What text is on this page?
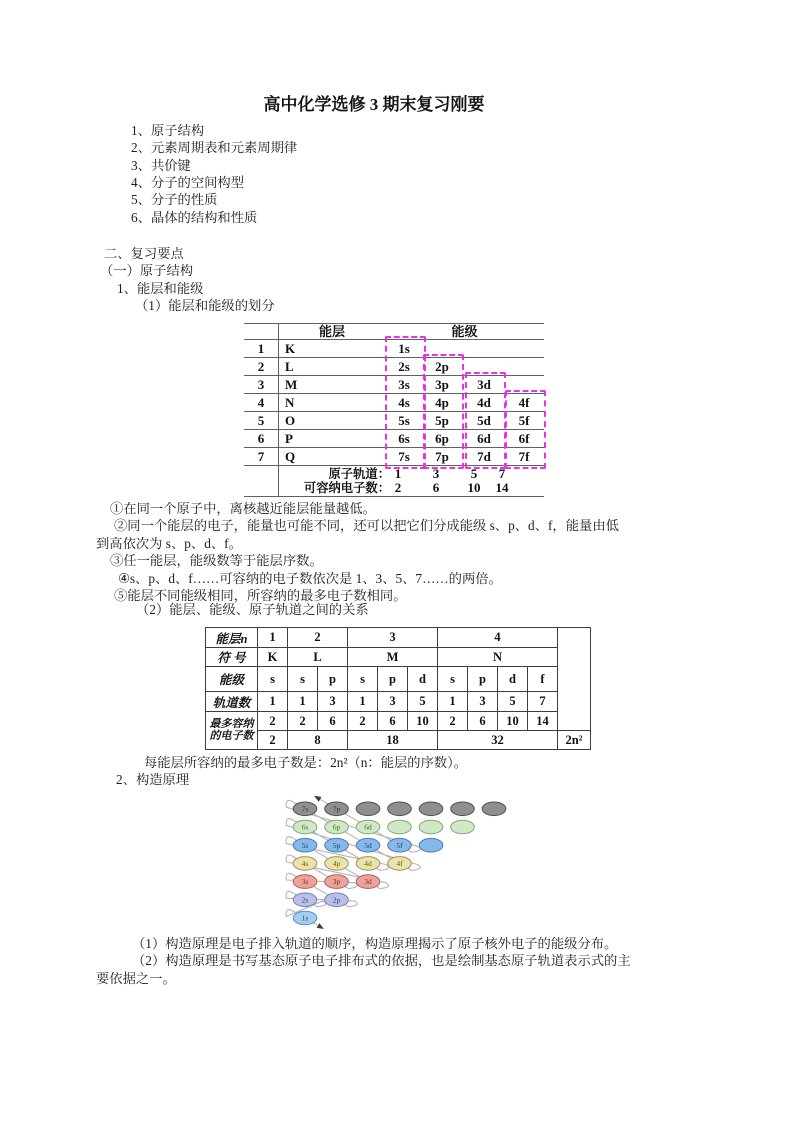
高中化学选修 3 期末复习刚要
1、原子结构
2、元素周期表和元素周期律
3、共价键
4、分子的空间构型
5、分子的性质
6、晶体的结构和性质
二、复习要点
（一）原子结构
1、能层和能级
（1）能层和能级的划分
能层	能级
1	K	1s
2	L	2s	2p
3	M	3s	3p	3d
4	N	4s	4p	4d	4f
5	O	5s	5p	5d	5f
6	P	6s	6p	6d	6f
7	Q	7s	7p	7d	7f
原子轨道： 1	3	5	7
可容纳电子数： 2	6	10	14
①在同一个原子中，离核越近能层能量越低。
②同一个能层的电子，能量也可能不同，还可以把它们分成能级 s、p、d、f，能量由低
到高依次为 s、p、d、f。
③任一能层，能级数等于能层序数。
④s、p、d、f……可容纳的电子数依次是 1、3、5、7……的两倍。
⑤能层不同能级相同，所容纳的最多电子数相同。
（2）能层、能级、原子轨道之间的关系
能层n	1	2		3			4				
符 号	K	L		M			N				
能级	s	s	p	s	p	d	s	p	d	f	
轨道数	1	1	3	1	3	5	1	3	5	7	

最多容纳
的电子数	2	2	6	2	6	10	2	6	10	14	
	2	8		18			32				2n²
每能层所容纳的最多电子数是：2n²（n：能层的序数）。
2、构造原理
7s	7p
6s	6p	6d
5s	5p	5d	5f
4s	4p	4d	4f
3s	3p	3d
2s	2p
1s
（1）构造原理是电子排入轨道的顺序，构造原理揭示了原子核外电子的能级分布。
（2）构造原理是书写基态原子电子排布式的依据，也是绘制基态原子轨道表示式的主
要依据之一。
